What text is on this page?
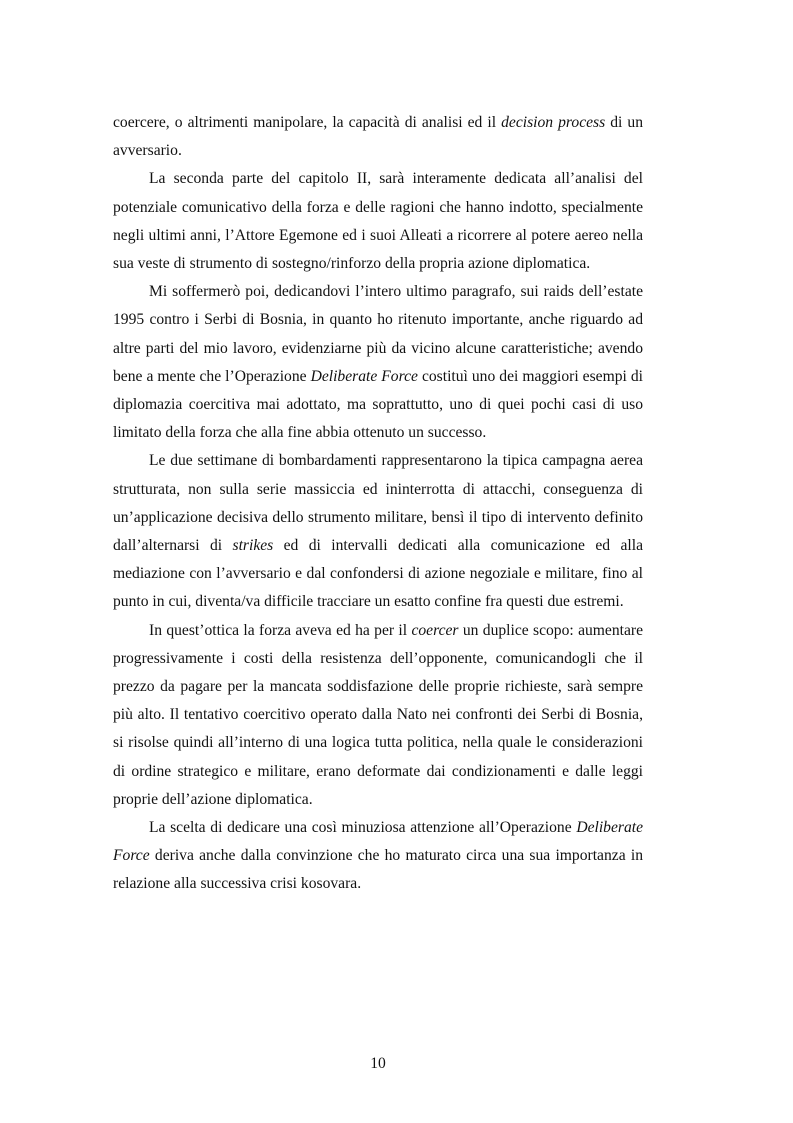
coercere, o altrimenti manipolare, la capacità di analisi ed il decision process di un avversario.

La seconda parte del capitolo II, sarà interamente dedicata all’analisi del potenziale comunicativo della forza e delle ragioni che hanno indotto, specialmente negli ultimi anni, l’Attore Egemone ed i suoi Alleati a ricorrere al potere aereo nella sua veste di strumento di sostegno/rinforzo della propria azione diplomatica.

Mi soffermerò poi, dedicandovi l’intero ultimo paragrafo, sui raids dell’estate 1995 contro i Serbi di Bosnia, in quanto ho ritenuto importante, anche riguardo ad altre parti del mio lavoro, evidenziarne più da vicino alcune caratteristiche; avendo bene a mente che l’Operazione Deliberate Force costituì uno dei maggiori esempi di diplomazia coercitiva mai adottato, ma soprattutto, uno di quei pochi casi di uso limitato della forza che alla fine abbia ottenuto un successo.

Le due settimane di bombardamenti rappresentarono la tipica campagna aerea strutturata, non sulla serie massiccia ed ininterrotta di attacchi, conseguenza di un’applicazione decisiva dello strumento militare, bensì il tipo di intervento definito dall’alternarsi di strikes ed di intervalli dedicati alla comunicazione ed alla mediazione con l’avversario e dal confondersi di azione negoziale e militare, fino al punto in cui, diventa/va difficile tracciare un esatto confine fra questi due estremi.

In quest’ottica la forza aveva ed ha per il coercer un duplice scopo: aumentare progressivamente i costi della resistenza dell’opponente, comunicandogli che il prezzo da pagare per la mancata soddisfazione delle proprie richieste, sarà sempre più alto. Il tentativo coercitivo operato dalla Nato nei confronti dei Serbi di Bosnia, si risolse quindi all’interno di una logica tutta politica, nella quale le considerazioni di ordine strategico e militare, erano deformate dai condizionamenti e dalle leggi proprie dell’azione diplomatica.

La scelta di dedicare una così minuziosa attenzione all’Operazione Deliberate Force deriva anche dalla convinzione che ho maturato circa una sua importanza in relazione alla successiva crisi kosovara.

10
